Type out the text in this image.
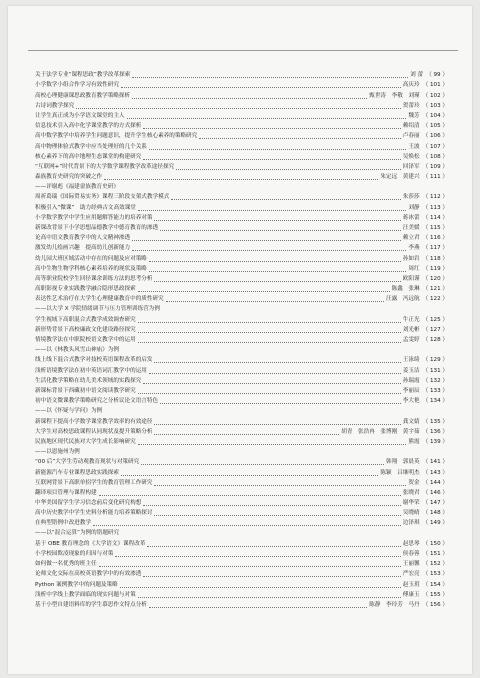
关于法学专业“课程思政”教学改革探索	刘 蕾 （ 99 ）
小学数学小组合作学习有效性研究	高庆玲 （ 101 ）
高校心理健康课思政教育教学策略探析	甄世涛　李敬　刘瑾 （ 102 ）
古诗词教学探究	贺蕾玲 （ 103 ）
让学生真正成为小学语文课堂的主人	魏芳 （ 104 ）
信息技术引入高中化学课堂教学的方式探析	赖绍清 （ 105 ）
高中数学教学中培养学生问题意识，提升学生核心素养的策略研究	卢春丽 （ 106 ）
高中物理体验式教学中应当处理好的几个关系	王波 （ 107 ）
核心素养下的高中地理生态课堂的构建研究	吴焕松 （ 108 ）
“互联网+”时代背景下的大学数学课程教学改革途径探究	回泽军 （ 109 ）
森族教育史研究的突破之作	朱定远　黄建兴 （ 111 ）
——评谢彪《福建畲族教育史研》
周祈葛瑞《国际贸易实务》课程三阶段支架式教学模式	朱莎莎 （ 112 ）
积极引入“微课”　助力经典古文高效课堂	刘静 （ 113 ）
小学数学教学中学生应用题解答能力的培养对策	蒋冰蕾 （ 114 ）
新课改背景下小学思想品德教学中德育教育的渗透	汪美媛 （ 115 ）
论高中语文教育教学中的人文精神渗透	赖立君 （ 116 ）
激发幼儿绘画兴趣　提高幼儿创新能力	李燕 （ 117 ）
幼儿园大班区域活动中存在的问题及应对策略	孙如岩 （ 118 ）
高中生物生物学科核心素养培养的现状及策略	周红 （ 119 ）
高等职业院校学生回径课余训练方法的思考分析	欧阳谨 （ 120 ）
高职影视专业实践教学融合隐形思政探索	陈鑫　张琳 （ 121 ）
表达性艺术治疗在大学生心理健康教育中的质性研究	汪露　冯远航 （ 122 ）
——以大学 X 学院情绪调节与压力管理训练营为例
学生视域下高职混合式教学成效调查研究	牛正光 （ 125 ）
新形势背景下高校廉政文化建设路径探究	刘光彬 （ 127 ）
情境教学法在中职院校语文教学中的运用	孟雯婷 （ 128 ）
——以《林教头风雪山神庙》为例
线上线下混合式教学对技校英语课程改革的启发	王泳绮 （ 129 ）
浅析语境教学法在初中英语词汇教学中的运用	姜玉洁 （ 131 ）
生活化教学策略在幼儿美术领域的实践探究	孙瑞霞 （ 132 ）
新课标背景下西藏初中语文阅读教学研究	李丽辰 （ 133 ）
初中语文微课教学策略研究之分析议论文语言特色	李大艳 （ 134 ）
——以《怀疑与学问》为例
新课程下提高小学数学课堂教学效率的有效途径	龚文婧 （ 135 ）
大学生对高校思政课程认同现状及提升策略分析	胡青　张浩冉　张博刚　黄宇茹 （ 136 ）
民族地区现代民族对大学生成长影响研究	熊霞 （ 139 ）
——以恩施州为例
“00 后”大学生劳动观教育现状与对策研究	韩翔　郭晨英 （ 141 ）
新能源汽车专业课程思政实践探索	陈颖　吕继明杰 （ 143 ）
互联网背景下高职单招学生的教育管理工作研究	贺金 （ 144 ）
翻译项目管理与课程构建	张晓君 （ 146 ）
中华美国留学生学习信念前后变化研究构想	谢华荣 （ 147 ）
高中历史教学中学生史料分析能力培养策略探讨	吴晓晴 （ 148 ）
在典型错例中改进教学	边泽琪 （ 149 ）
——以“混合运算”为例的错题研究
基于 OBE 教育理念的《大学语文》课程改革	赵思琴 （ 150 ）
小学校园欺凌现象的归因与对策	侯春蓉 （ 151 ）
如何做一名优秀的班主任	王丽馨 （ 152 ）
论师文化交际在高校英语教学中的有效渗透	严宏亮 （ 153 ）
Python 案例教学中的问题及策略	赵玉玥 （ 154 ）
浅析中学线上教学面临的现实问题与对策	傅康玉 （ 155 ）
基于小型自建语料库的学生慕思作文特点分析	陈静　李玲芳　马丹 （ 156 ）
